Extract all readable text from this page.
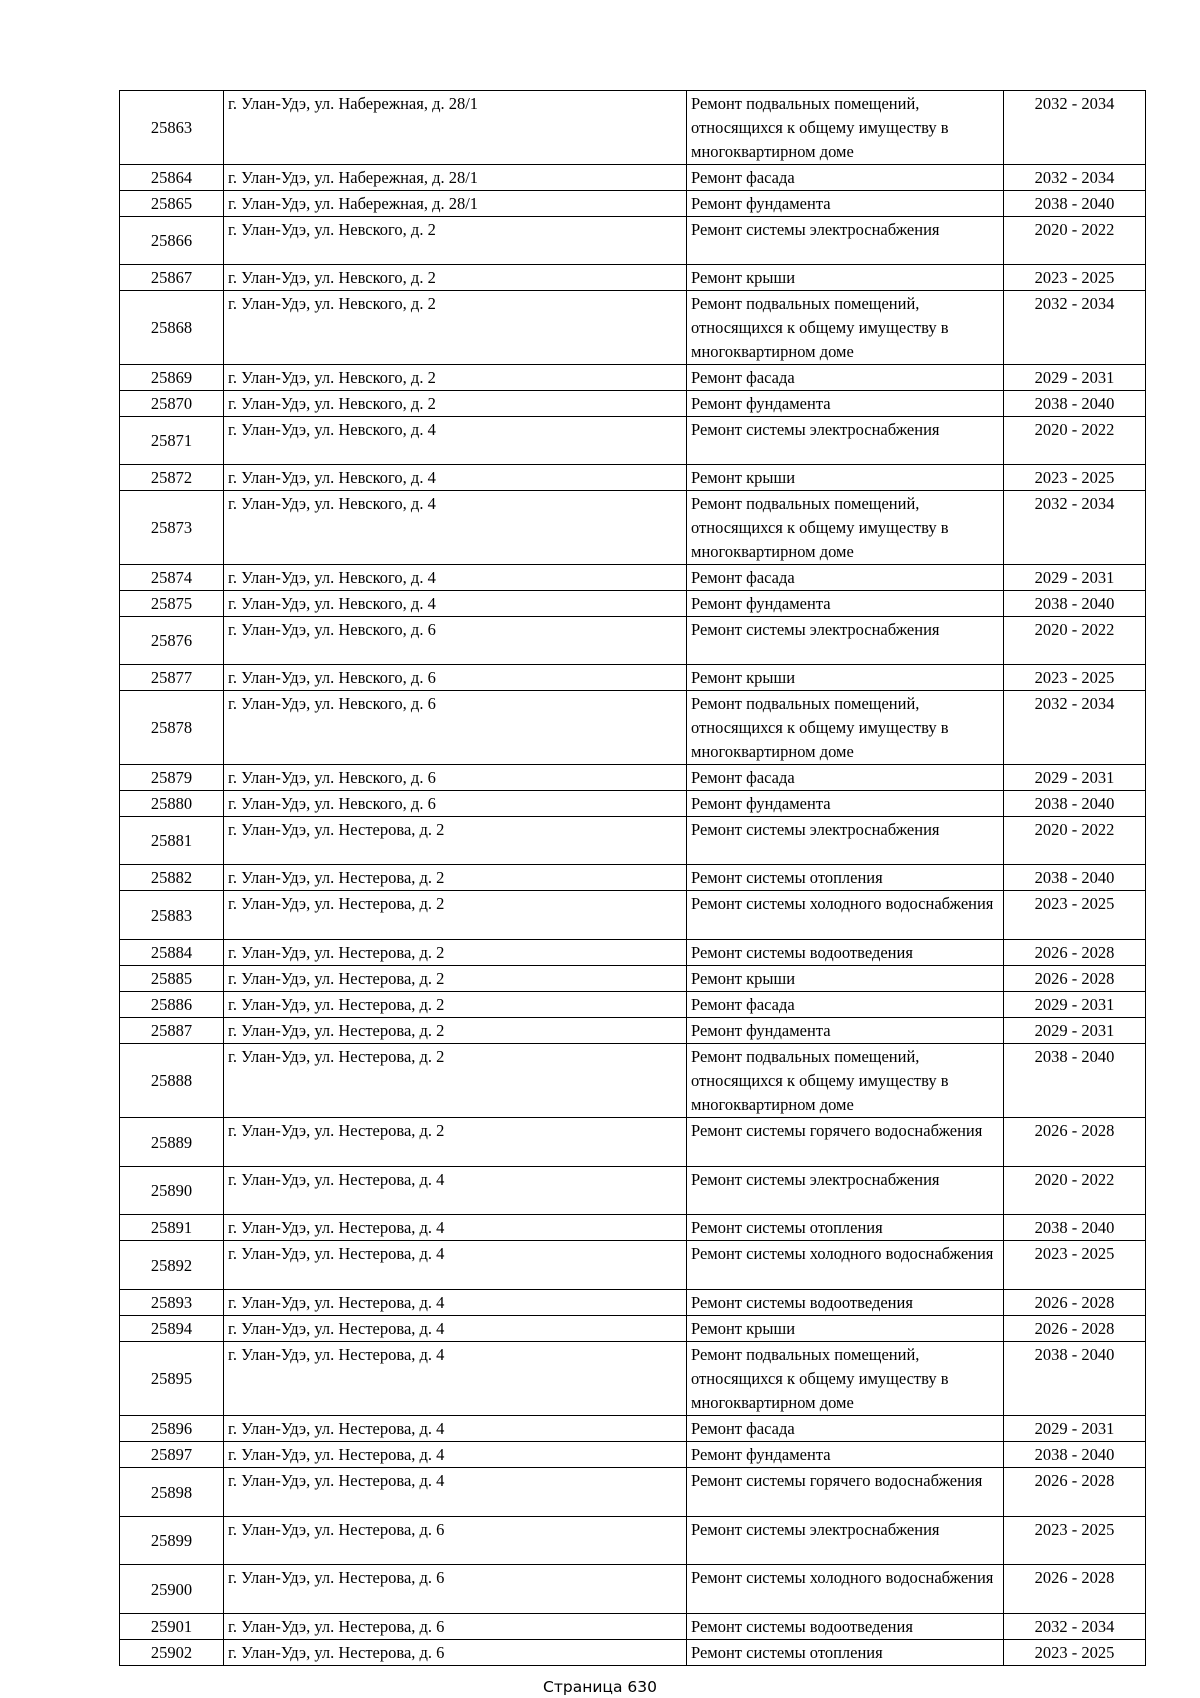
25863	г. Улан-Удэ, ул. Набережная, д. 28/1	Ремонт подвальных помещений, относящихся к общему имуществу в многоквартирном доме	2032 - 2034
25864	г. Улан-Удэ, ул. Набережная, д. 28/1	Ремонт фасада	2032 - 2034
25865	г. Улан-Удэ, ул. Набережная, д. 28/1	Ремонт фундамента	2038 - 2040
25866	г. Улан-Удэ, ул. Невского, д. 2	Ремонт системы электроснабжения	2020 - 2022
25867	г. Улан-Удэ, ул. Невского, д. 2	Ремонт крыши	2023 - 2025
25868	г. Улан-Удэ, ул. Невского, д. 2	Ремонт подвальных помещений, относящихся к общему имуществу в многоквартирном доме	2032 - 2034
25869	г. Улан-Удэ, ул. Невского, д. 2	Ремонт фасада	2029 - 2031
25870	г. Улан-Удэ, ул. Невского, д. 2	Ремонт фундамента	2038 - 2040
25871	г. Улан-Удэ, ул. Невского, д. 4	Ремонт системы электроснабжения	2020 - 2022
25872	г. Улан-Удэ, ул. Невского, д. 4	Ремонт крыши	2023 - 2025
25873	г. Улан-Удэ, ул. Невского, д. 4	Ремонт подвальных помещений, относящихся к общему имуществу в многоквартирном доме	2032 - 2034
25874	г. Улан-Удэ, ул. Невского, д. 4	Ремонт фасада	2029 - 2031
25875	г. Улан-Удэ, ул. Невского, д. 4	Ремонт фундамента	2038 - 2040
25876	г. Улан-Удэ, ул. Невского, д. 6	Ремонт системы электроснабжения	2020 - 2022
25877	г. Улан-Удэ, ул. Невского, д. 6	Ремонт крыши	2023 - 2025
25878	г. Улан-Удэ, ул. Невского, д. 6	Ремонт подвальных помещений, относящихся к общему имуществу в многоквартирном доме	2032 - 2034
25879	г. Улан-Удэ, ул. Невского, д. 6	Ремонт фасада	2029 - 2031
25880	г. Улан-Удэ, ул. Невского, д. 6	Ремонт фундамента	2038 - 2040
25881	г. Улан-Удэ, ул. Нестерова, д. 2	Ремонт системы электроснабжения	2020 - 2022
25882	г. Улан-Удэ, ул. Нестерова, д. 2	Ремонт системы отопления	2038 - 2040
25883	г. Улан-Удэ, ул. Нестерова, д. 2	Ремонт системы холодного водоснабжения	2023 - 2025
25884	г. Улан-Удэ, ул. Нестерова, д. 2	Ремонт системы водоотведения	2026 - 2028
25885	г. Улан-Удэ, ул. Нестерова, д. 2	Ремонт крыши	2026 - 2028
25886	г. Улан-Удэ, ул. Нестерова, д. 2	Ремонт фасада	2029 - 2031
25887	г. Улан-Удэ, ул. Нестерова, д. 2	Ремонт фундамента	2029 - 2031
25888	г. Улан-Удэ, ул. Нестерова, д. 2	Ремонт подвальных помещений, относящихся к общему имуществу в многоквартирном доме	2038 - 2040
25889	г. Улан-Удэ, ул. Нестерова, д. 2	Ремонт системы горячего водоснабжения	2026 - 2028
25890	г. Улан-Удэ, ул. Нестерова, д. 4	Ремонт системы электроснабжения	2020 - 2022
25891	г. Улан-Удэ, ул. Нестерова, д. 4	Ремонт системы отопления	2038 - 2040
25892	г. Улан-Удэ, ул. Нестерова, д. 4	Ремонт системы холодного водоснабжения	2023 - 2025
25893	г. Улан-Удэ, ул. Нестерова, д. 4	Ремонт системы водоотведения	2026 - 2028
25894	г. Улан-Удэ, ул. Нестерова, д. 4	Ремонт крыши	2026 - 2028
25895	г. Улан-Удэ, ул. Нестерова, д. 4	Ремонт подвальных помещений, относящихся к общему имуществу в многоквартирном доме	2038 - 2040
25896	г. Улан-Удэ, ул. Нестерова, д. 4	Ремонт фасада	2029 - 2031
25897	г. Улан-Удэ, ул. Нестерова, д. 4	Ремонт фундамента	2038 - 2040
25898	г. Улан-Удэ, ул. Нестерова, д. 4	Ремонт системы горячего водоснабжения	2026 - 2028
25899	г. Улан-Удэ, ул. Нестерова, д. 6	Ремонт системы электроснабжения	2023 - 2025
25900	г. Улан-Удэ, ул. Нестерова, д. 6	Ремонт системы холодного водоснабжения	2026 - 2028
25901	г. Улан-Удэ, ул. Нестерова, д. 6	Ремонт системы водоотведения	2032 - 2034
25902	г. Улан-Удэ, ул. Нестерова, д. 6	Ремонт системы отопления	2023 - 2025
Страница 630
